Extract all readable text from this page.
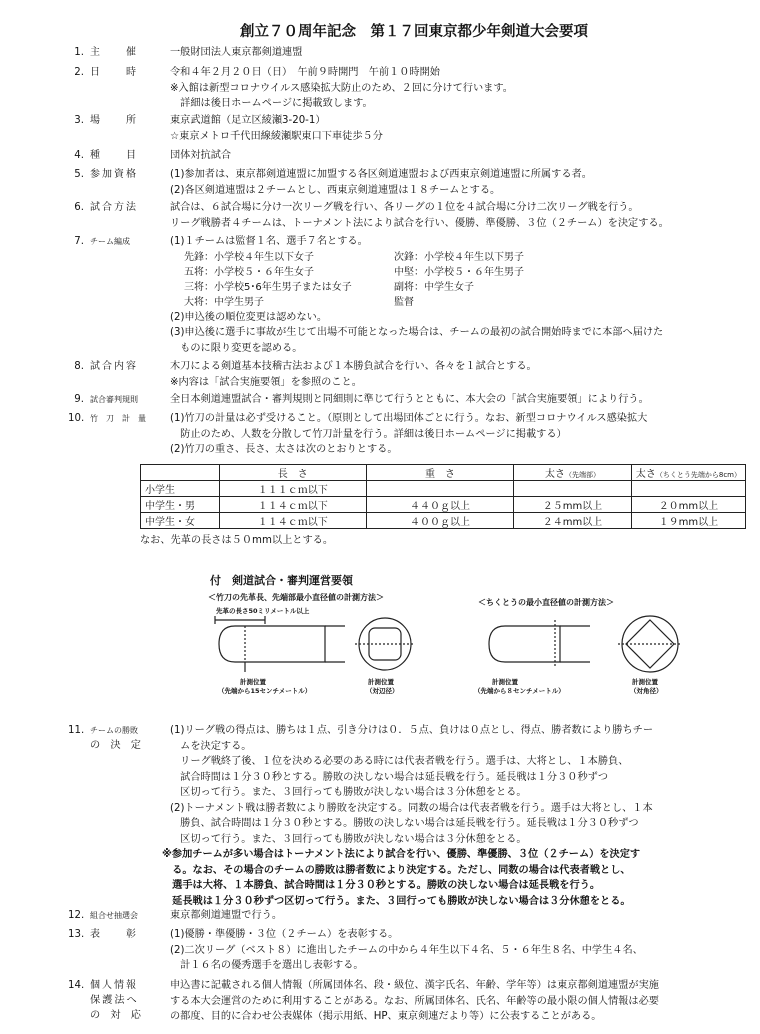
創立７０周年記念　第１７回東京都少年剣道大会要項
1. 主　　催	一般財団法人東京都剣道連盟
2. 日　　時	令和４年２月２０日（日）　午前９時開門　午前１０時開始
※入館は新型コロナウイルス感染拡大防止のため、２回に分けて行います。
　詳細は後日ホームページに掲載致します。
3. 場　　所	東京武道館（足立区綾瀬3-20-1）
☆東京メトロ千代田線綾瀬駅東口下車徒歩５分
4. 種　　目	団体対抗試合
5. 参加資格	(1)参加者は、東京都剣道連盟に加盟する各区剣道連盟および西東京剣道連盟に所属する者。
(2)各区剣道連盟は２チームとし、西東京剣道連盟は１８チームとする。
6. 試合方法	試合は、６試合場に分け一次リーグ戦を行い、各リーグの１位を４試合場に分け二次リーグ戦を行う。
リーグ戦勝者４チームは、トーナメント法により試合を行い、優勝、準優勝、３位（２チーム）を決定する。
7. チーム編成	(1)１チームは監督１名、選手７名とする。
先鋒：小学校４年生以下女子	次鋒：小学校４年生以下男子
五将：小学校５・６年生女子	中堅：小学校５・６年生男子
三将：小学校5･6年生男子または女子	副将：中学生女子
大将：中学生男子	監督
(2)申込後の順位変更は認めない。
(3)申込後に選手に事故が生じて出場不可能となった場合は、チームの最初の試合開始時までに本部へ届けた
　ものに限り変更を認める。
8. 試合内容	木刀による剣道基本技稽古法および１本勝負試合を行い、各々を１試合とする。
※内容は「試合実施要領」を参照のこと。
9. 試合審判規則	全日本剣道連盟試合・審判規則と同細則に準じて行うとともに、本大会の「試合実施要領」により行う。
10. 竹　刀　計　量	(1)竹刀の計量は必ず受けること。（原則として出場団体ごとに行う。なお、新型コロナウイルス感染拡大
　防止のため、人数を分散して竹刀計量を行う。詳細は後日ホームページに掲載する）
(2)竹刀の重さ、長さ、太さは次のとおりとする。
	長　さ	重　さ	太さ（先端部）	太さ（ちくとう先端から8cm）
小学生	１１１ｃｍ以下			
中学生・男	１１４ｃｍ以下	４４０ｇ以上	２５mm以上	２０mm以上
中学生・女	１１４ｃｍ以下	４００ｇ以上	２４mm以上	１９mm以上
なお、先革の長さは５０mm以上とする。
付　剣道試合・審判運営要領
＜竹刀の先革長、先端部最小直径値の計測方法＞
先革の長さ50ミリメートル以上
＜ちくとうの最小直径値の計測方法＞
計測位置
（先端から15センチメートル）
計測位置
（対辺径）
計測位置
（先端から８センチメートル）
計測位置
（対角径）
11. チームの勝敗
の　決　定
(1)リーグ戦の得点は、勝ちは１点、引き分けは０．５点、負けは０点とし、得点、勝者数により勝ちチー
　ムを決定する。
　リーグ戦終了後、１位を決める必要のある時には代表者戦を行う。選手は、大将とし、１本勝負、
　試合時間は１分３０秒とする。勝敗の決しない場合は延長戦を行う。延長戦は１分３０秒ずつ
　区切って行う。また、３回行っても勝敗が決しない場合は３分休憩をとる。
(2)トーナメント戦は勝者数により勝敗を決定する。同数の場合は代表者戦を行う。選手は大将とし、１本
　勝負、試合時間は１分３０秒とする。勝敗の決しない場合は延長戦を行う。延長戦は１分３０秒ずつ
　区切って行う。また、３回行っても勝敗が決しない場合は３分休憩をとる。
※参加チームが多い場合はトーナメント法により試合を行い、優勝、準優勝、３位（２チーム）を決定す
　る。なお、その場合のチームの勝敗は勝者数により決定する。ただし、同数の場合は代表者戦とし、
　選手は大将、１本勝負、試合時間は１分３０秒とする。勝敗の決しない場合は延長戦を行う。
　延長戦は１分３０秒ずつ区切って行う。また、３回行っても勝敗が決しない場合は３分休憩をとる。
12. 組合せ抽選会	東京都剣道連盟で行う。
13. 表　　彰	(1)優勝・準優勝・３位（２チーム）を表彰する。
(2)二次リーグ（ベスト８）に進出したチームの中から４年生以下４名、５・６年生８名、中学生４名、
　計１６名の優秀選手を選出し表彰する。
14. 個人情報
保護法へ
の　対　応
申込書に記載される個人情報（所属団体名、段・級位、漢字氏名、年齢、学年等）は東京都剣道連盟が実施
する本大会運営のために利用することがある。なお、所属団体名、氏名、年齢等の最小限の個人情報は必要
の都度、目的に合わせ公表媒体（掲示用紙、HP、東京剣連だより等）に公表することがある。
